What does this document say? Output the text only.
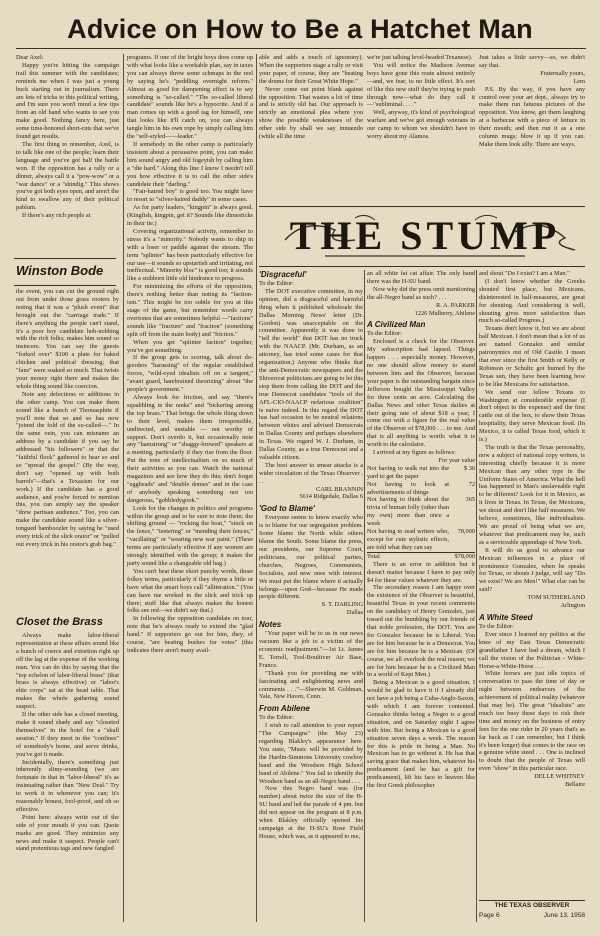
Advice on How to Be a Hatchet Man

Dear Axel:

Happy you're hitting the campaign trail this summer with the candidates; reminds me when I was just a young buck starting out in journalism. There are lots of tricks to this political writing, and I'm sure you won't mind a few tips from an old hand who wants to see you make good. Nothing fancy here, just some time-honored short-cuts that we've found get results.

The first thing to remember, Axel, is to talk like one of the people; learn their language and you've got half the battle won. If the opposition has a rally or a dinner, always call it a "pow-wow" or a "war dance" or a "shindig." This shows you've got both eyes open, and aren't the kind to swallow any of their political pablum.

If there's any rich people at

Winston Bode

the event, you can cut the ground right out from under those grass rooters by noting that it was a "plush event" that brought out the "carriage trade." If there's anything the people can't stand, it's a poor boy candidate hob-nobbing with the rich folks; makes him sound so insincere. You can say the guests "forked over" $100 a plate for baked chicken and political dressing; that "fans" were soaked so much. That twists your money right there and makes the whole thing sound like coercion.

Note any defections or additions in the other camp. You can make them sound like a bunch of Thomasphite if you'll note that so and so has now "joined the fold of the so-called—." In the same vein, you can misname an address by a candidate if you say he addressed "his followers" or that the "faithful flock" gathered to hear so and so "spread the gospel." (By the way, don't say "opened up with both barrels"—that's a Texasism for our work.) If the candidate has a good audience, and you're forced to mention this, you can simply say the speaker "drew partisan audience." Too, you can make the candidate sound like a silver-tongued bamboozler by saying he "used every trick of the slick orator" or "pulled out every trick in his orator's grab bag."

Closet the Brass

Always make labor-liberal representation at these affairs sound like a bunch of coerce and extortion right up off the lag at the expense of the working man. You can do this by saying that the "top echelon of labor-liberal brass" (that brass is always effective) or "labor's elite corps" sat at the head table. That makes the whole gathering sound suspect.

If the other side has a closed meeting, make it sound shady and say "closeted themselves" in the hotel for a "skull session." If they meet in the "confines" of somebody's home, and serve drinks, you've got it made.

Incidentally, there's something just inherently slimy-sounding (we are fortunate in that in "labor-liberal" it's as insinuating rather than "New Deal." Try to work it in whenever you can; it's reasonably honest, fool-proof, and oh so effective.

Point here: always write out of the side of your mouth if you can. Quote marks are good. They minimize any news and make it suspect. People can't stand pretentious tags and new fangled

programs. If one of the bright boys does come up with what looks like a workable plan, say in taxes you can always throw some schmaps in the reel by saying he's "peddling overnight reform." Almost as good for dampening effect is to say something is "so-called." "The so-called liberal candidate" sounds like he's a hypocrite. And if a man comes up with a good tag for himself, one that looks like it'll catch on, you can always tangle him in his own rope by simply calling him the "self-styled——leader."

If somebody in the other camp is particularly insistent about a persuasive point, you can make him sound angry and old fogeyish by calling him a "die hard." Along this line I know I needn't tell you how effective it is to call the other side's candidate their "darling."

"Fair-haired boy" is good too. You might have to resort to "silver-haired daddy" in some cases.

As for party leaders, "kingpin" is always good. (Kingfish, kingpin, get it? Sounds like dimesticks in their tie.)

Covering organizational activity, remember to stress it's a "minority." Nobody wants to ship in with a loser or paddle against the stream. The term "splinter" has been particularly effective for our use—it sounds so upstartish and irritating, not ineffectual. "Minority bloc" is good too; it sounds like a stubborn little old hindrance to progress.

For minimizing the efforts of the opposition, there's nothing better than noting its "faction-ism." This might be too subtle for you at this stage of the game, but remember words carry overtones that are sometimes helpful —"factions" sounds like "fracture" and "fraction" (something split off from the main body) and "friction."

When you get "splinter faction" together, you've got something.

If the group gets to scoring, talk about do-gooders "harassing" of the regular established forces, "wild-eyed idealists off on a tangent," "avant guard, harebrained theorizing" about "the people's government."

Always look for friction, and say "there's squabbling in the ranks" and "bickering among the top brass." That brings the whole thing down to their level, makes them irresponsible, undirected, and unstable — not worthy of support. Don't overdo it, but occasionally note any "hamstrung" or "shaggy-browed" speakers at a meeting, particularly if they rise from the floor. Put the tone of intellectualism on so much of their activities as you can. Watch the national magazines and see how they do this; don't forget "eggheads" and "double domes" and in the case of anybody speaking something not too dangerous, "gobbledygook."

Look for the changes in politics and programs within the group and to be sure to note them; the shifting ground — "rocking the boat," "stuck on the fence," "teetering" or "mending their fences," "vacillating" or "wearing new war paint." (These terms are particularly effective if any women are strongly identified with the group; it makes the party sound like a changeable old hag.)

You can't beat these short punchy words, those folksy terms, particularly if they rhyme a little or have what the smart boys call "alliteration." (You can have me worked in the slick and trick up there; stuff like that always makes the honest folks see red—we didn't say that.)

In following the opposition candidate on tour, note that he's always ready to extend the "glad hand." If supporters go out for him, they, of course, "are beating bushes for votes" (this indicates there aren't many avail-

able and adds a touch of ignominy). When the supporters stage a rally or visit your paper, of course, they are "beating the drums for their Great White Hope."

Never come out point blank against the opposition. That wastes a lot of time and is strictly old hat. Our approach is strictly an emotional plea where you show the possible weaknesses of the other side by shall we say innuendo (while all the time

we're just talking level-headed Texanese).

You will notice the Madison Avenue boys have gone this route almost entirely—and, we fear, to no little effect. It's sort of like this new stuff they're trying to push through now—what do they call it—"subliminal. . . ."

Well, anyway, it's kind of psychological warfare and we've got enough veterans in our camp to whom we shouldn't have to worry about my Alamos.

Just takes a little savvy—so, we didn't say that.

Fraternally yours,

Lem

P.S. By the way, if you have any control over your art dept., always try to make them run fatuous pictures of the opposition. You know, get them laughing at a barbecue with a piece of lettuce in their mouth; and then run it as a one column mugs; blow it up if you can. Make them look silly. There are ways.

THE STUMP
'Disgraceful'

To the Editor:

The DOT executive committee, in my opinion, did a disgraceful and harmful thing when it published wholesale the Dallas Morning News' letter (Dr. Gordon) was unacceptable on the committee. Apparently it was done to "tell the world" that DOT has no truck with the NAACP. (Mr. Durham, as an attorney, has tried some cases for that organization.) Anyone who thinks that the anti-Democratic newspapers and the Shivercrat politicians are going to let this stop them from calling the DOT and the true Democrat candidates "tools of the AFL-CIO-NAACP nefarious coalition" is naive indeed. In this regard the DOT has had occasion to be neutral relations between whites and advised Democrats in Dallas County and perhaps elsewhere in Texas. We regard W. J. Durham, in Dallas County, as a true Democrat and a valuable citizen.

The best answer to smear attacks is a wider circulation of the Texas Observer . . .

CARL BRANNIN

5614 Ridgedale, Dallas 6

'God to Blame'

Everyone seems to know exactly who is to blame for our segregation problem. Some blame the North while others blame the South. Some blame the press, our presidents, our Supreme Court, politicians, our political parties, churches, Negroes, Communists, Socialists, and new ones with interest. We must put the blame where it actually belongs—upon God—because He made people different.

S. T. DARLING

Dallas

Notes

"Your paper will be to us in our news vacuum like a job to a victim of the economic readjustment."—1st Lt. James E. Terrell, Tool-Boultiver Air Base, France.

"Thank you for providing me with fascinating and enlightening news and comments . . ."—Sherwin M. Goldman, Yale, New Haven, Conn.

From Abilene

To the Editor:

I wish to call attention to your report "The Campaigns" (the May 23) regarding Blakley's appearance here. You state, "Music will be provided by the Hardin-Simmons University cowboy band and the Woodson High School band of Abilene." You fail to identify the Woodson band as an all-Negro band . . .

Now this Negro band was (for number) about twice the size of the H-SU band and led the parade of 4 pm. but did not appear on the program at 8 p.m. when Blakley officially opened his campaign at the H-SU's Rose Field House, which was, as it appeared to me,

an all white fat cat affair. The only band there was the H-SU band.

Now why did the press omit mentioning the all-Negro band as such? . . .

R. A. PARKER

1226 Mulberry, Abilene

A Civilized Man

To the Editor:

Enclosed is a check for the Observer. My subscription had lapsed. Things happen . . . especially money. However, no one should allow money to stand between him and the Observer, because your paper is the outstanding bargain since Jefferson bought the Mississippi Valley for three cents an acre. Calculating the Dallas News and other Texas dailies at their going rate of about $18 a year, I come out with a figure for the real value of the Observer of $78,000 . . . to me. And that is all anything is worth: what it is worth to the calculator.

I arrived at my figure as follows:

For year value

Not having to walk out into the yard to get the paper
$ 36
Not having to look at advertisements of things
72
Not having to think about the trivia of human folly (other than my own) more than once a week
365
Not having to read writers who, except for cute stylistic effects, are told what they can say
78,000
Total	$78,000

There is an error in addition but it doesn't matter because I have to pay only $4 for these values whatever they are.

The secondary reason I am happy over the existence of the Observer is beautiful, beautiful Texas in your recent comments on the candidacy of Henry Gonzalez, just tossed out the bumbling by our friends of that noble profession, the DOT. You are for Gonzalez because he is Liberal. You are for him because he is a Democrat. You are for him because he is a Mexican. (Of course, we all overlook the real reason; we are for him because he is a Civilized Man in a world of Kept Men.)

Being a Mexican is a good situation. I would be glad to have it if I already did not have a job being a Cuba-Anglo-Saxon, with which I am forever contented. Gonzalez thinks being a Negro is a good situation, and on Saturday night I agree with him. But being a Mexican is a good situation seven days a week. The reason for this is pride in being a Man. No Mexican has to go without it. He has that saving grace that makes him, whatever his predicament (and he has a gift for predicament), lift his face to heaven like the first Greek philosopher

and shout "Do I exist? I am a Man."

(I don't know whether the Greeks shouted first place, but Mexicans, disinterested in half-measures, are great for shouting. And considering it well, shouting gives more satisfaction than much so-called Progress.)

Texans don't know it, but we are about half Mexican. I don't mean that a lot of us are named Gonzalez and similar patronymics out of Old Castile. I mean that ever since the first Smith or Kelly or Robinson or Schultz got burned by the Texas sun, they have been learning how to be like Mexicans for satisfaction.

We send our fellow Texans to Washington at considerable expense (I don't object to the expense) and the first cattle out of the box, to show their Texas hospitality, they serve Mexican food. (In Mexico, it is called Texas food, which it is.)

The truth is that the Texas personality, now a subject of national copy writers, is interesting chiefly because it is more Mexican than any other type in the Uniform States of America. What the hell has happened to Man's unslaveable right to be different? Look for it in Mexico, as it lives in Texas. In Texas, the Mexicans, we shout and don't like half measures. We believe, sometimes, like individualists. We are proud of being what we are, whatever that predicament may be, such as a serviceable appendage of New York.

It will do us good to advance our Mexican influences in a place of prominence Gonzalez, when he speaks for Texas, or shouts I judge, will say "Do we exist? We are Men!" What else can be said?

TOM SUTHERLAND

Arlington

A White Steed

To the Editor:

Ever since I learned my politics at the knee of my East Texas Democratic grandfather I have had a dream, which I call the vision of the Politician - White-Horse-a-White-Horse . . .

White horses are just idle topics of conversation to pass the time of day or night between endeavors of the achievement of political reality (whatever that may be). The great "idealists" are much too busy these days to risk their time and money on the business of entry fees for the one rider in 20 years that's as far back as I can remember, but I think it's been longer) that comes to the race on a genuine white steed . . . One is inclined to doubt that the people of Texas will even "show" in this particular race.

DELLE WHITNEY

Bellaire

THE TEXAS OBSERVER
Page 6	June 13, 1958
